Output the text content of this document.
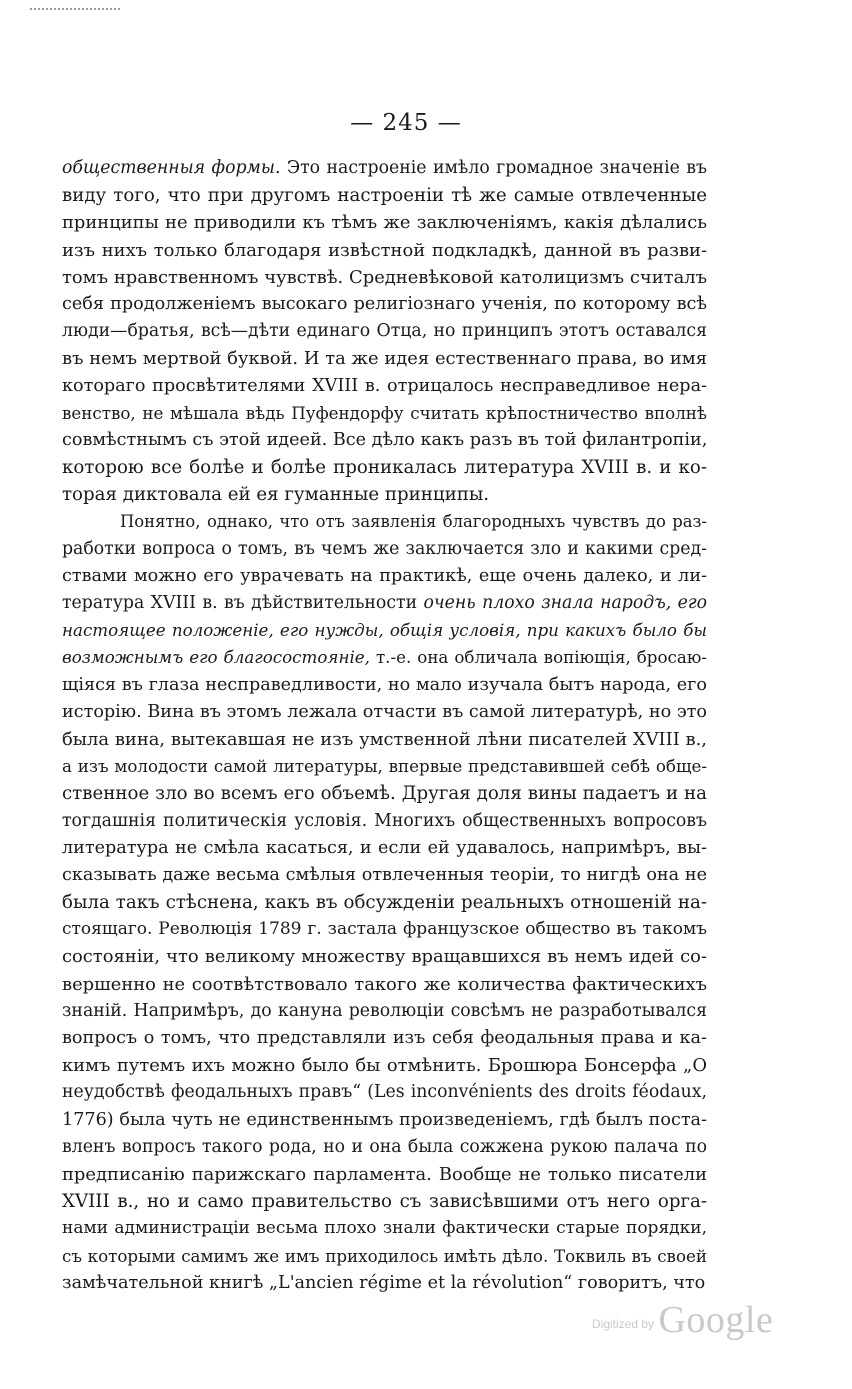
— 245 —
общественныя формы. Это настроеніе имѣло громадное значеніе въ
виду того, что при другомъ настроеніи тѣ же самые отвлеченные
принципы не приводили къ тѣмъ же заключеніямъ, какія дѣлались
изъ нихъ только благодаря извѣстной подкладкѣ, данной въ разви-
томъ нравственномъ чувствѣ. Средневѣковой католицизмъ считалъ
себя продолженіемъ высокаго религіознаго ученія, по которому всѣ
люди—братья, всѣ—дѣти единаго Отца, но принципъ этотъ оставался
въ немъ мертвой буквой. И та же идея естественнаго права, во имя
котораго просвѣтителями XVIII в. отрицалось несправедливое нера-
венство, не мѣшала вѣдь Пуфендорфу считать крѣпостничество вполнѣ
совмѣстнымъ съ этой идеей. Все дѣло какъ разъ въ той филантропіи,
которою все болѣе и болѣе проникалась литература XVIII в. и ко-
торая диктовала ей ея гуманные принципы.
Понятно, однако, что отъ заявленія благородныхъ чувствъ до раз-
работки вопроса о томъ, въ чемъ же заключается зло и какими сред-
ствами можно его уврачевать на практикѣ, еще очень далеко, и ли-
тература XVIII в. въ дѣйствительности очень плохо знала народъ, его
настоящее положеніе, его нужды, общія условія, при какихъ было бы
возможнымъ его благосостояніе, т.-е. она обличала вопіющія, бросаю-
щіяся въ глаза несправедливости, но мало изучала бытъ народа, его
исторію. Вина въ этомъ лежала отчасти въ самой литературѣ, но это
была вина, вытекавшая не изъ умственной лѣни писателей XVIII в.,
а изъ молодости самой литературы, впервые представившей себѣ обще-
ственное зло во всемъ его объемѣ. Другая доля вины падаетъ и на
тогдашнія политическія условія. Многихъ общественныхъ вопросовъ
литература не смѣла касаться, и если ей удавалось, напримѣръ, вы-
сказывать даже весьма смѣлыя отвлеченныя теоріи, то нигдѣ она не
была такъ стѣснена, какъ въ обсужденіи реальныхъ отношеній на-
стоящаго. Революція 1789 г. застала французское общество въ такомъ
состояніи, что великому множеству вращавшихся въ немъ идей со-
вершенно не соотвѣтствовало такого же количества фактическихъ
знаній. Напримѣръ, до кануна революціи совсѣмъ не разработывался
вопросъ о томъ, что представляли изъ себя феодальныя права и ка-
кимъ путемъ ихъ можно было бы отмѣнить. Брошюра Бонсерфа „О
неудобствѣ феодальныхъ правъ“ (Les inconvénients des droits féodaux,
1776) была чуть не единственнымъ произведеніемъ, гдѣ былъ поста-
вленъ вопросъ такого рода, но и она была сожжена рукою палача по
предписанію парижскаго парламента. Вообще не только писатели
XVIII в., но и само правительство съ зависѣвшими отъ него орга-
нами администраціи весьма плохо знали фактически старые порядки,
съ которыми самимъ же имъ приходилось имѣть дѣло. Токвиль въ своей
замѣчательной книгѣ „L'ancien régime et la révolution“ говоритъ, что
$^{Digitized by}$ Google
